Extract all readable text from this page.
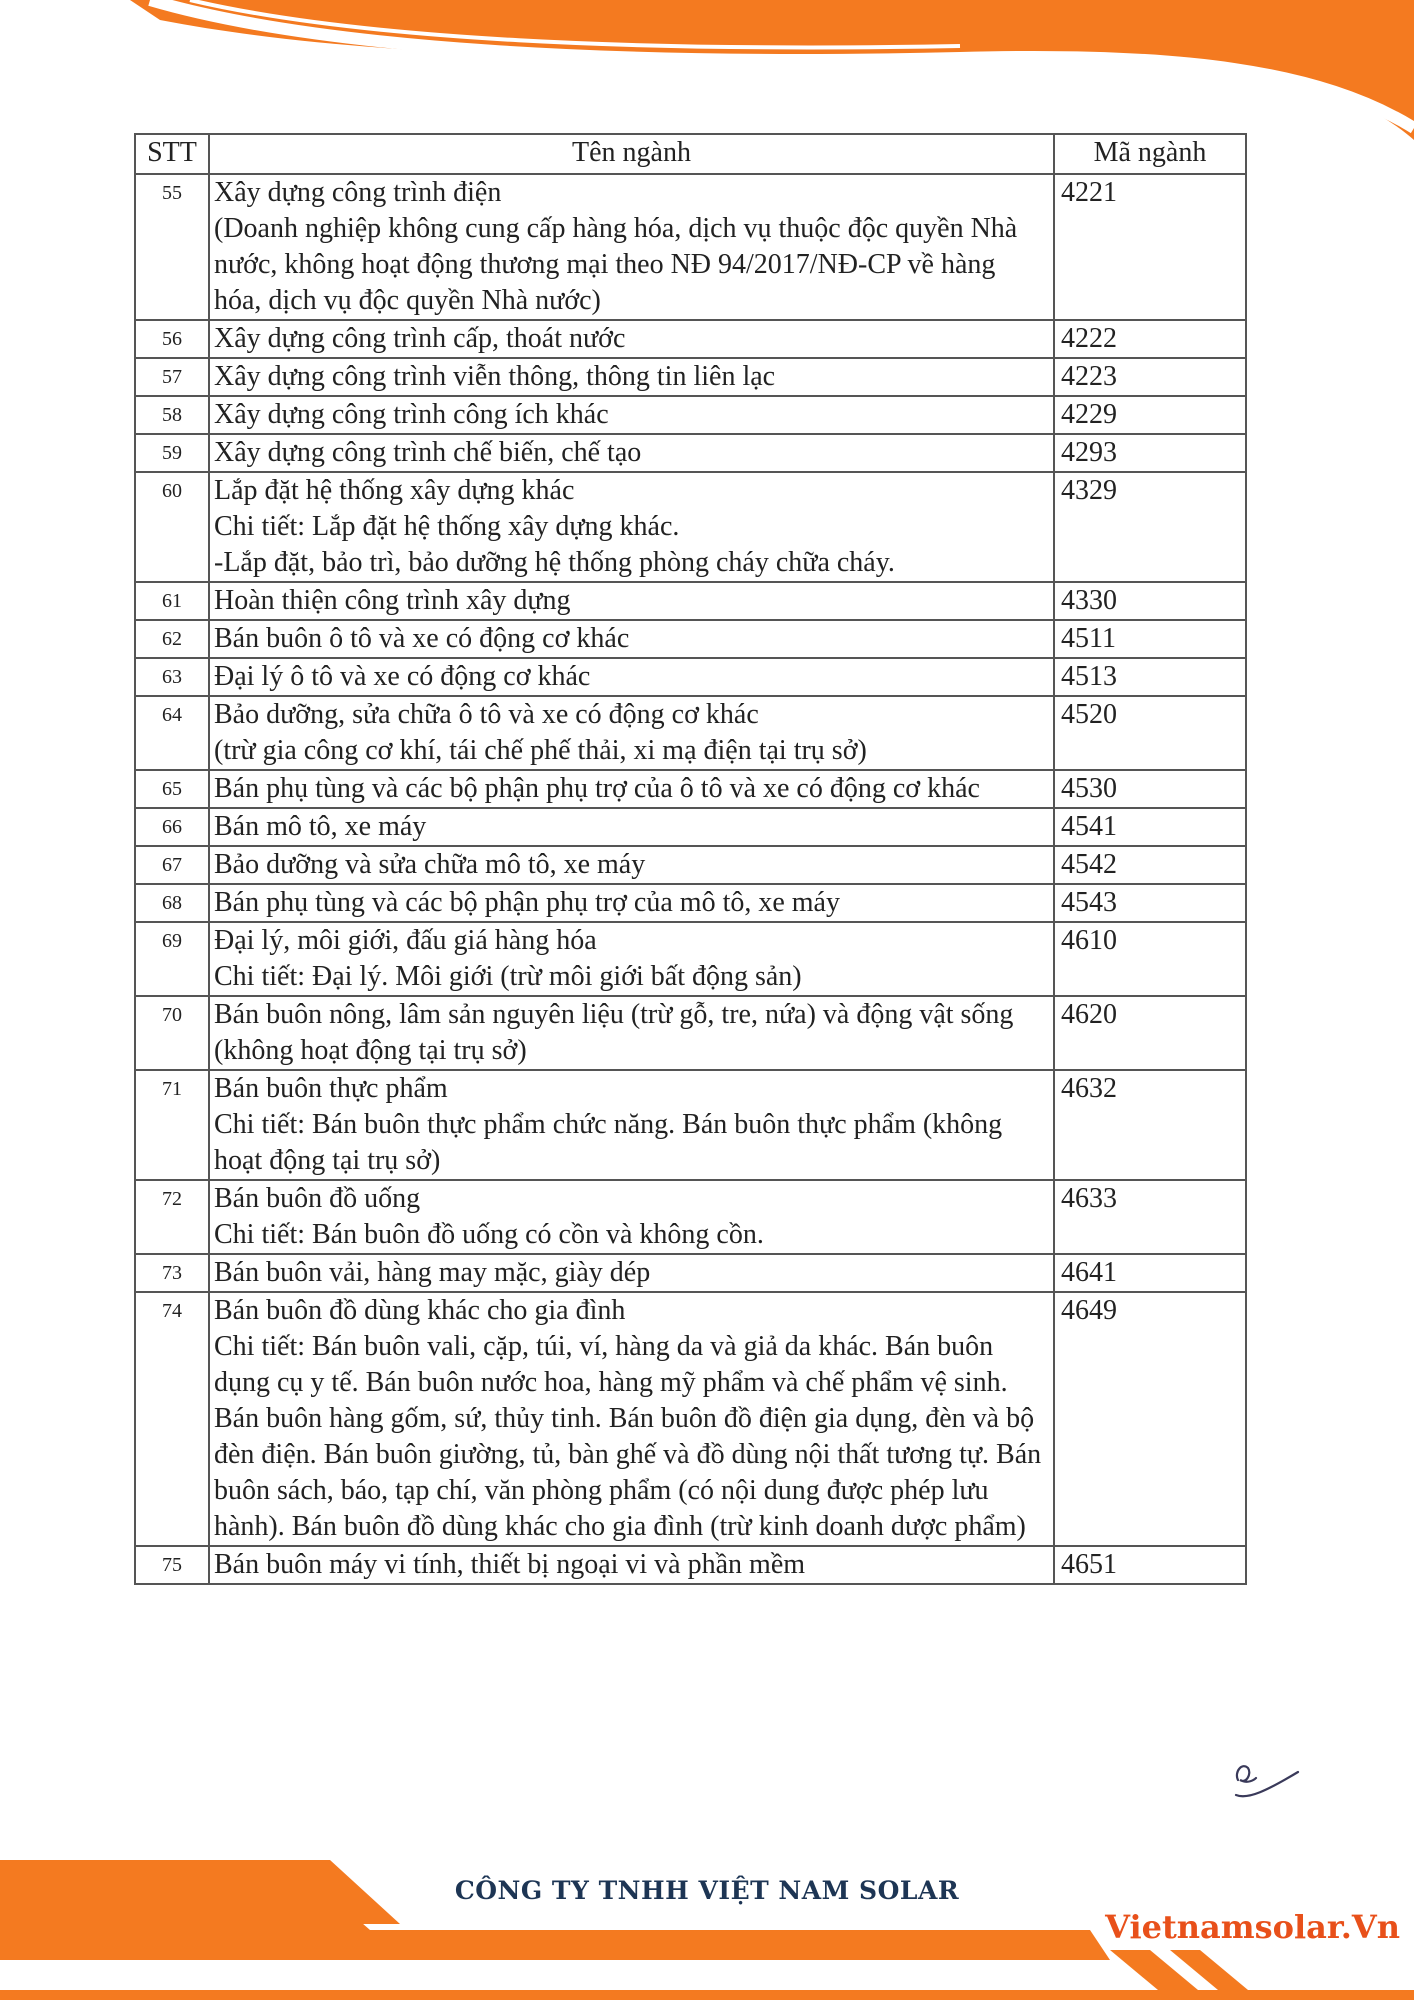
STT	Tên ngành	Mã ngành
55	Xây dựng công trình điện
(Doanh nghiệp không cung cấp hàng hóa, dịch vụ thuộc độc quyền Nhà nước, không hoạt động thương mại theo NĐ 94/2017/NĐ-CP về hàng hóa, dịch vụ độc quyền Nhà nước)	4221
56	Xây dựng công trình cấp, thoát nước	4222
57	Xây dựng công trình viễn thông, thông tin liên lạc	4223
58	Xây dựng công trình công ích khác	4229
59	Xây dựng công trình chế biến, chế tạo	4293
60	Lắp đặt hệ thống xây dựng khác
Chi tiết: Lắp đặt hệ thống xây dựng khác.
-Lắp đặt, bảo trì, bảo dưỡng hệ thống phòng cháy chữa cháy.	4329
61	Hoàn thiện công trình xây dựng	4330
62	Bán buôn ô tô và xe có động cơ khác	4511
63	Đại lý ô tô và xe có động cơ khác	4513
64	Bảo dưỡng, sửa chữa ô tô và xe có động cơ khác
(trừ gia công cơ khí, tái chế phế thải, xi mạ điện tại trụ sở)	4520
65	Bán phụ tùng và các bộ phận phụ trợ của ô tô và xe có động cơ khác	4530
66	Bán mô tô, xe máy	4541
67	Bảo dưỡng và sửa chữa mô tô, xe máy	4542
68	Bán phụ tùng và các bộ phận phụ trợ của mô tô, xe máy	4543
69	Đại lý, môi giới, đấu giá hàng hóa
Chi tiết: Đại lý. Môi giới (trừ môi giới bất động sản)	4610
70	Bán buôn nông, lâm sản nguyên liệu (trừ gỗ, tre, nứa) và động vật sống
(không hoạt động tại trụ sở)	4620
71	Bán buôn thực phẩm
Chi tiết: Bán buôn thực phẩm chức năng. Bán buôn thực phẩm (không hoạt động tại trụ sở)	4632
72	Bán buôn đồ uống
Chi tiết: Bán buôn đồ uống có cồn và không cồn.	4633
73	Bán buôn vải, hàng may mặc, giày dép	4641
74	Bán buôn đồ dùng khác cho gia đình
Chi tiết: Bán buôn vali, cặp, túi, ví, hàng da và giả da khác. Bán buôn dụng cụ y tế. Bán buôn nước hoa, hàng mỹ phẩm và chế phẩm vệ sinh. Bán buôn hàng gốm, sứ, thủy tinh. Bán buôn đồ điện gia dụng, đèn và bộ đèn điện. Bán buôn giường, tủ, bàn ghế và đồ dùng nội thất tương tự. Bán buôn sách, báo, tạp chí, văn phòng phẩm (có nội dung được phép lưu hành). Bán buôn đồ dùng khác cho gia đình (trừ kinh doanh dược phẩm)	4649
75	Bán buôn máy vi tính, thiết bị ngoại vi và phần mềm	4651
CÔNG TY TNHH VIỆT NAM SOLAR
Vietnamsolar.Vn
